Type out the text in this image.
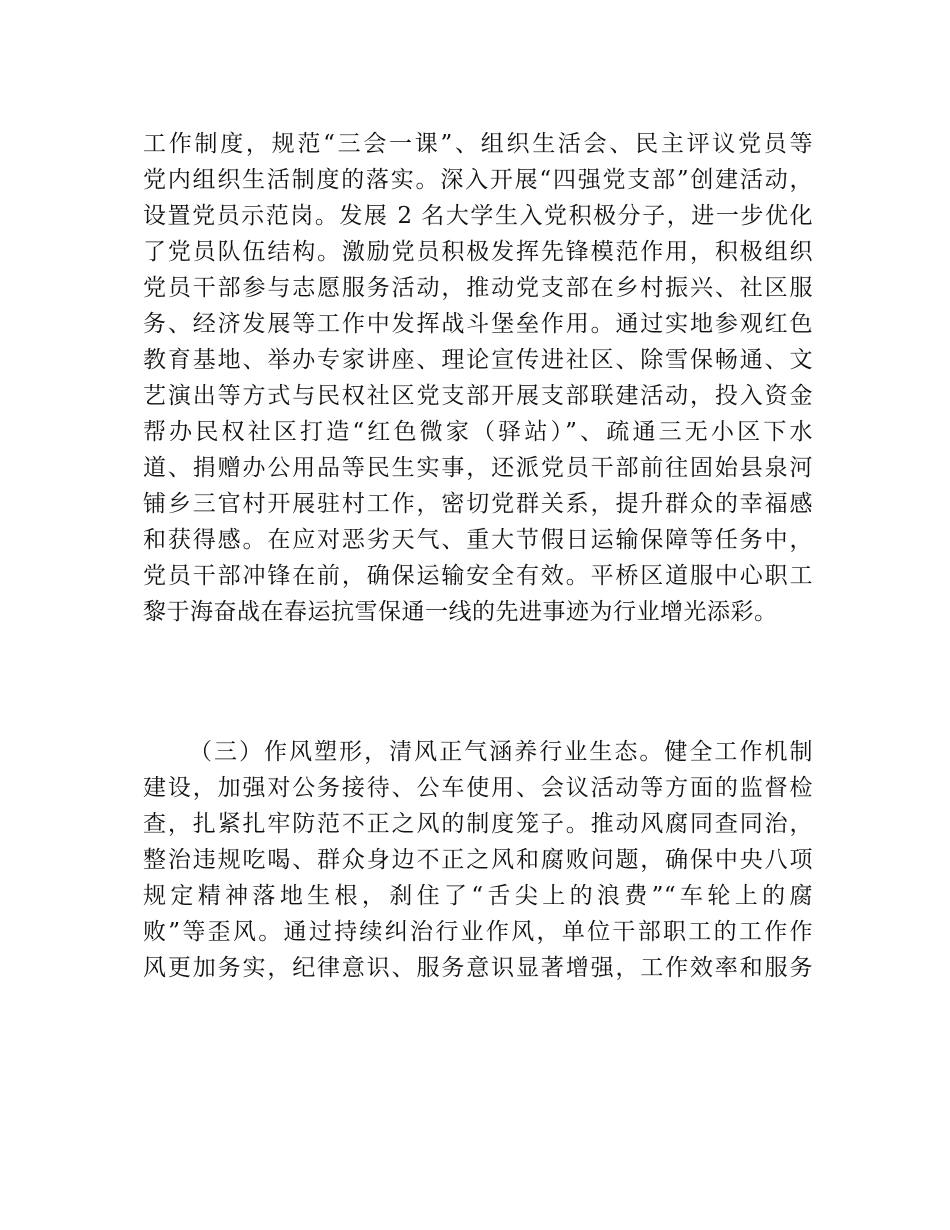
工作制度，规范“三会一课”、组织生活会、民主评议党员等
党内组织生活制度的落实。深入开展“四强党支部”创建活动，
设置党员示范岗。发展 2 名大学生入党积极分子，进一步优化
了党员队伍结构。激励党员积极发挥先锋模范作用，积极组织
党员干部参与志愿服务活动，推动党支部在乡村振兴、社区服
务、经济发展等工作中发挥战斗堡垒作用。通过实地参观红色
教育基地、举办专家讲座、理论宣传进社区、除雪保畅通、文
艺演出等方式与民权社区党支部开展支部联建活动，投入资金
帮办民权社区打造“红色微家（驿站）”、疏通三无小区下水
道、捐赠办公用品等民生实事，还派党员干部前往固始县泉河
铺乡三官村开展驻村工作，密切党群关系，提升群众的幸福感
和获得感。在应对恶劣天气、重大节假日运输保障等任务中，
党员干部冲锋在前，确保运输安全有效。平桥区道服中心职工
黎于海奋战在春运抗雪保通一线的先进事迹为行业增光添彩。
（三）作风塑形，清风正气涵养行业生态。健全工作机制
建设，加强对公务接待、公车使用、会议活动等方面的监督检
查，扎紧扎牢防范不正之风的制度笼子。推动风腐同查同治，
整治违规吃喝、群众身边不正之风和腐败问题，确保中央八项
规定精神落地生根，刹住了“舌尖上的浪费”“车轮上的腐
败”等歪风。通过持续纠治行业作风，单位干部职工的工作作
风更加务实，纪律意识、服务意识显著增强，工作效率和服务
